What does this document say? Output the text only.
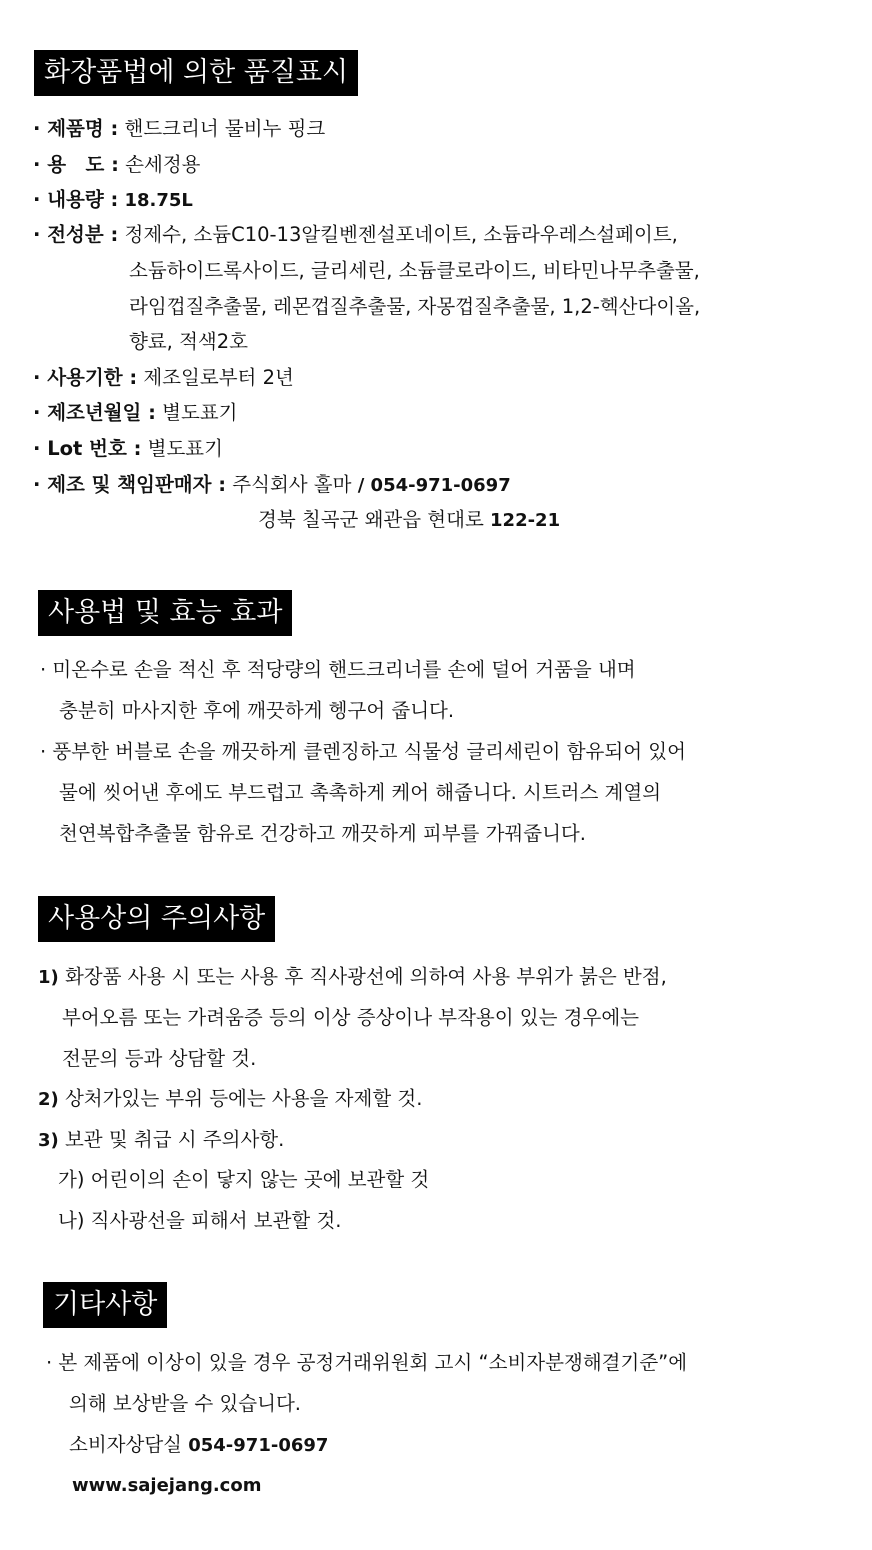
화장품법에 의한 품질표시
· 제품명 : 핸드크리너 물비누 핑크
· 용　도 : 손세정용
· 내용량 : 18.75L
· 전성분 : 정제수, 소듐C10-13알킬벤젠설포네이트, 소듐라우레스설페이트,
소듐하이드록사이드, 글리세린, 소듐클로라이드, 비타민나무추출물,
라임껍질추출물, 레몬껍질추출물, 자몽껍질추출물, 1,2-헥산다이올,
향료, 적색2호
· 사용기한 : 제조일로부터 2년
· 제조년월일 : 별도표기
· Lot 번호 : 별도표기
· 제조 및 책임판매자 : 주식회사 홀마 / 054-971-0697
경북 칠곡군 왜관읍 현대로 122-21
사용법 및 효능 효과
· 미온수로 손을 적신 후 적당량의 핸드크리너를 손에 덜어 거품을 내며
충분히 마사지한 후에 깨끗하게 헹구어 줍니다.
· 풍부한 버블로 손을 깨끗하게 클렌징하고 식물성 글리세린이 함유되어 있어
물에 씻어낸 후에도 부드럽고 촉촉하게 케어 해줍니다. 시트러스 계열의
천연복합추출물 함유로 건강하고 깨끗하게 피부를 가꿔줍니다.
사용상의 주의사항
1) 화장품 사용 시 또는 사용 후 직사광선에 의하여 사용 부위가 붉은 반점,
부어오름 또는 가려움증 등의 이상 증상이나 부작용이 있는 경우에는
전문의 등과 상담할 것.
2) 상처가있는 부위 등에는 사용을 자제할 것.
3) 보관 및 취급 시 주의사항.
가) 어린이의 손이 닿지 않는 곳에 보관할 것
나) 직사광선을 피해서 보관할 것.
기타사항
· 본 제품에 이상이 있을 경우 공정거래위원회 고시 “소비자분쟁해결기준”에
의해 보상받을 수 있습니다.
소비자상담실 054-971-0697
www.sajejang.com
